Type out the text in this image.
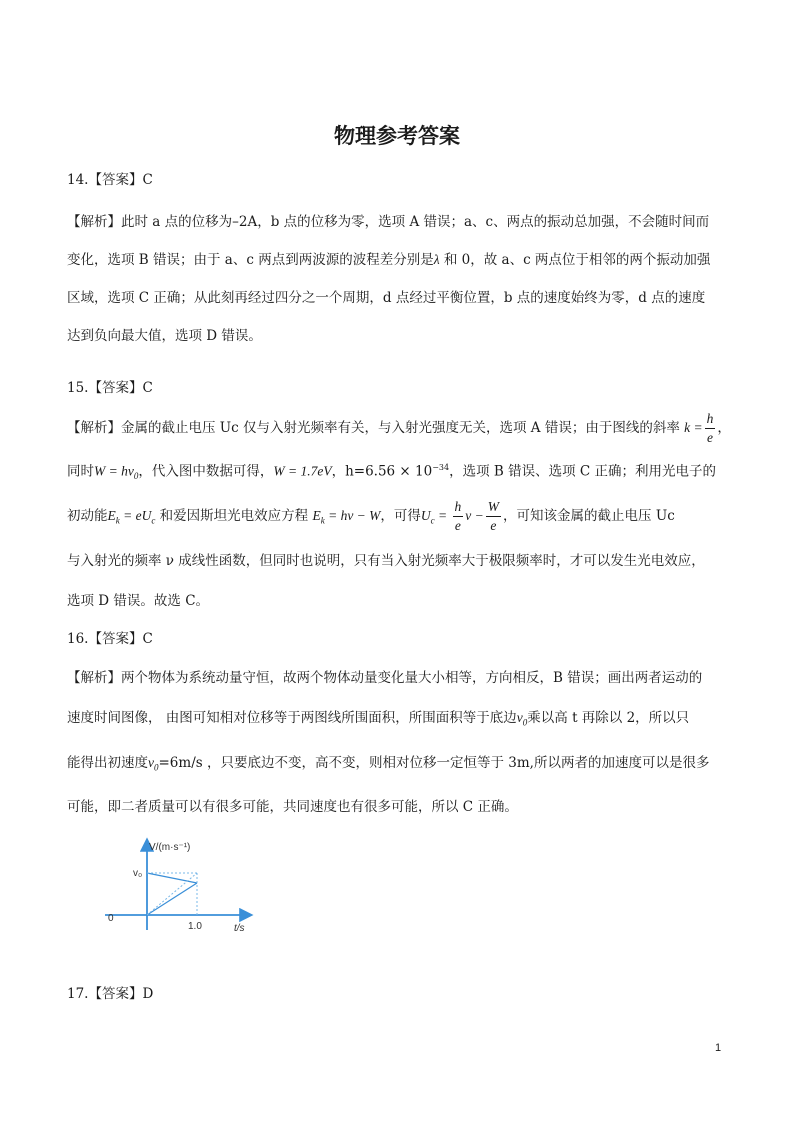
物理参考答案
14.【答案】C
【解析】此时 a 点的位移为–2A，b 点的位移为零，选项 A 错误；a、c、两点的振动总加强，不会随时间而
变化，选项 B 错误；由于 a、c 两点到两波源的波程差分别是λ 和 0，故 a、c 两点位于相邻的两个振动加强
区域，选项 C 正确；从此刻再经过四分之一个周期，d 点经过平衡位置，b 点的速度始终为零，d 点的速度
达到负向最大值，选项 D 错误。
15.【答案】C
【解析】金属的截止电压 Uc 仅与入射光频率有关，与入射光强度无关，选项 A 错误；由于图线的斜率 $k = \frac{h}{e}$ ，
同时$W = h\nu_0$，代入图中数据可得，W = 1.7eV，$h=6.56 \times 10^{-34}$，选项 B 错误、选项 C 正确；利用光电子的
初动能$E_k = eU_c$ 和爱因斯坦光电效应方程 $E_k = h\nu - W$，可得$U_c = \frac{h}{e}$ $\nu - \frac{W}{e}$ ，可知该金属的截止电压 Uc
与入射光的频率 ν 成线性函数，但同时也说明，只有当入射光频率大于极限频率时，才可以发生光电效应，
选项 D 错误。故选 C。
16.【答案】C
【解析】两个物体为系统动量守恒，故两个物体动量变化量大小相等，方向相反，B 错误；画出两者运动的
速度时间图像， 由图可知相对位移等于两图线所围面积，所围面积等于底边$v_0$乘以高 t 再除以 2，所以只
能得出初速度$v_0=6m/s$ ，只要底边不变，高不变，则相对位移一定恒等于 3m,所以两者的加速度可以是很多
可能，即二者质量可以有很多可能，共同速度也有很多可能，所以 C 正确。
V/(m·s⁻¹)
v₀
0
1.0	t/s
17.【答案】D
1
